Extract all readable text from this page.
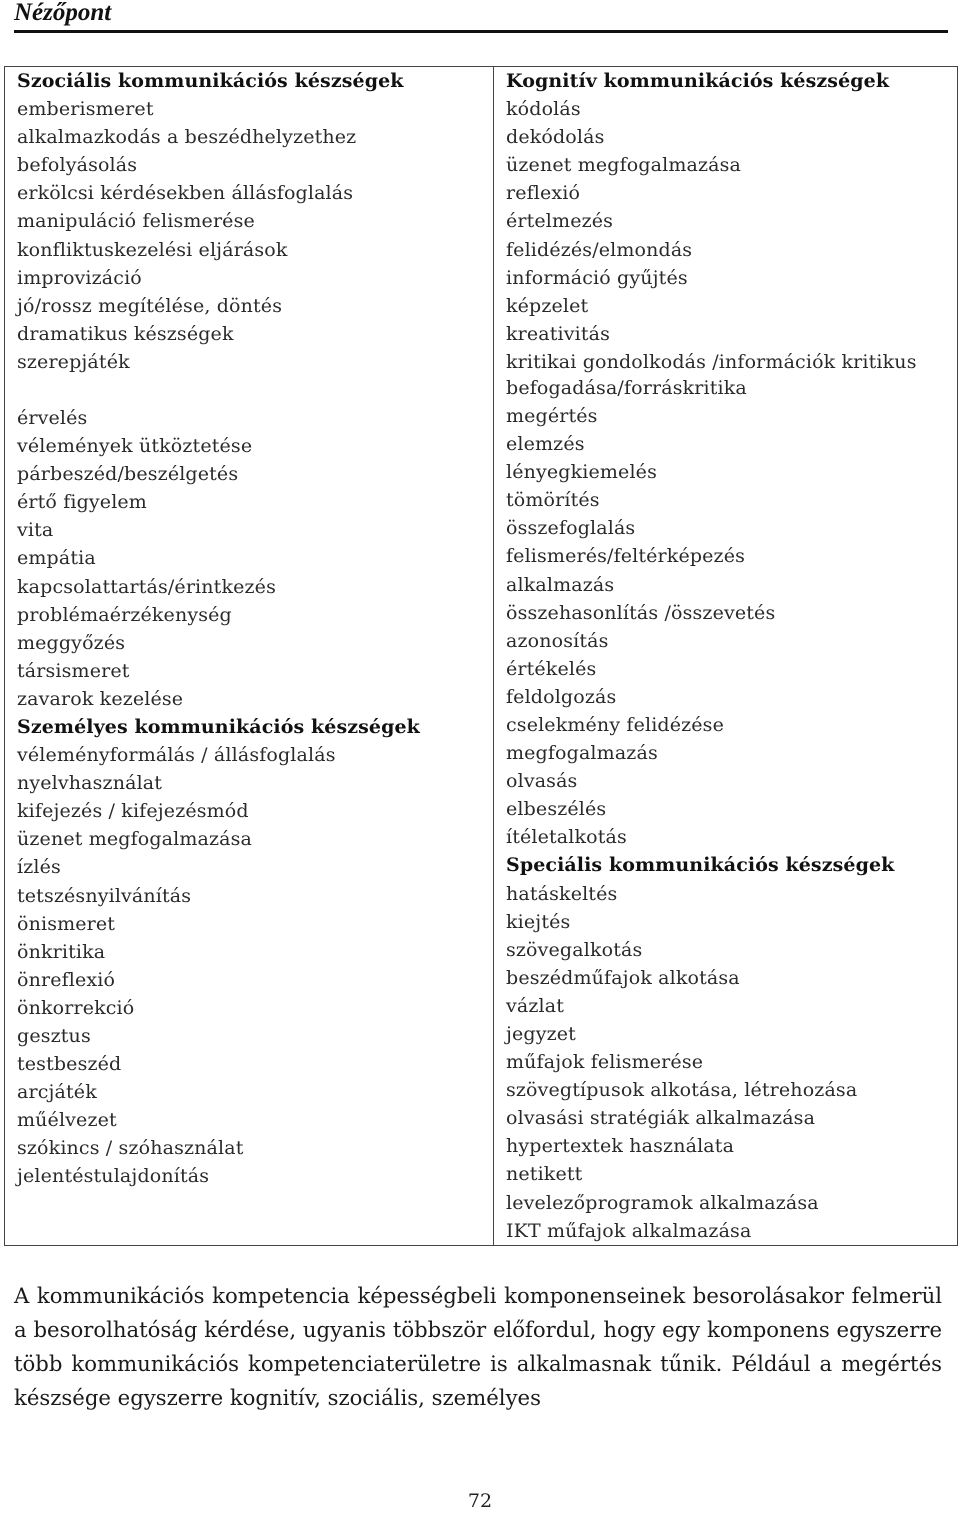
Nézőpont
Szociális kommunikációs készségek
emberismeret
alkalmazkodás a beszédhelyzethez
befolyásolás
erkölcsi kérdésekben állásfoglalás
manipuláció felismerése
konfliktuskezelési eljárások
improvizáció
jó/rossz megítélése, döntés
dramatikus készségek
szerepjáték
érvelés
vélemények ütköztetése
párbeszéd/beszélgetés
értő figyelem
vita
empátia
kapcsolattartás/érintkezés
problémaérzékenység
meggyőzés
társismeret
zavarok kezelése
Személyes kommunikációs készségek
véleményformálás / állásfoglalás
nyelvhasználat
kifejezés / kifejezésmód
üzenet megfogalmazása
ízlés
tetszésnyilvánítás
önismeret
önkritika
önreflexió
önkorrekció
gesztus
testbeszéd
arcjáték
műélvezet
szókincs / szóhasználat
jelentéstulajdonítás

Kognitív kommunikációs készségek
kódolás
dekódolás
üzenet megfogalmazása
reflexió
értelmezés
felidézés/elmondás
információ gyűjtés
képzelet
kreativitás
kritikai gondolkodás /információk kritikus befogadása/forráskritika
megértés
elemzés
lényegkiemelés
tömörítés
összefoglalás
felismerés/feltérképezés
alkalmazás
összehasonlítás /összevetés
azonosítás
értékelés
feldolgozás
cselekmény felidézése
megfogalmazás
olvasás
elbeszélés
ítéletalkotás
Speciális kommunikációs készségek
hatáskeltés
kiejtés
szövegalkotás
beszédműfajok alkotása
vázlat
jegyzet
műfajok felismerése
szövegtípusok alkotása, létrehozása
olvasási stratégiák alkalmazása
hypertextek használata
netikett
levelezőprogramok alkalmazása
IKT műfajok alkalmazása

A kommunikációs kompetencia képességbeli komponenseinek besorolásakor felmerül a besorolhatóság kérdése, ugyanis többször előfordul, hogy egy komponens egyszerre több kommunikációs kompetenciaterületre is alkalmasnak tűnik. Például a megértés készsége egyszerre kognitív, szociális, személyes

72
